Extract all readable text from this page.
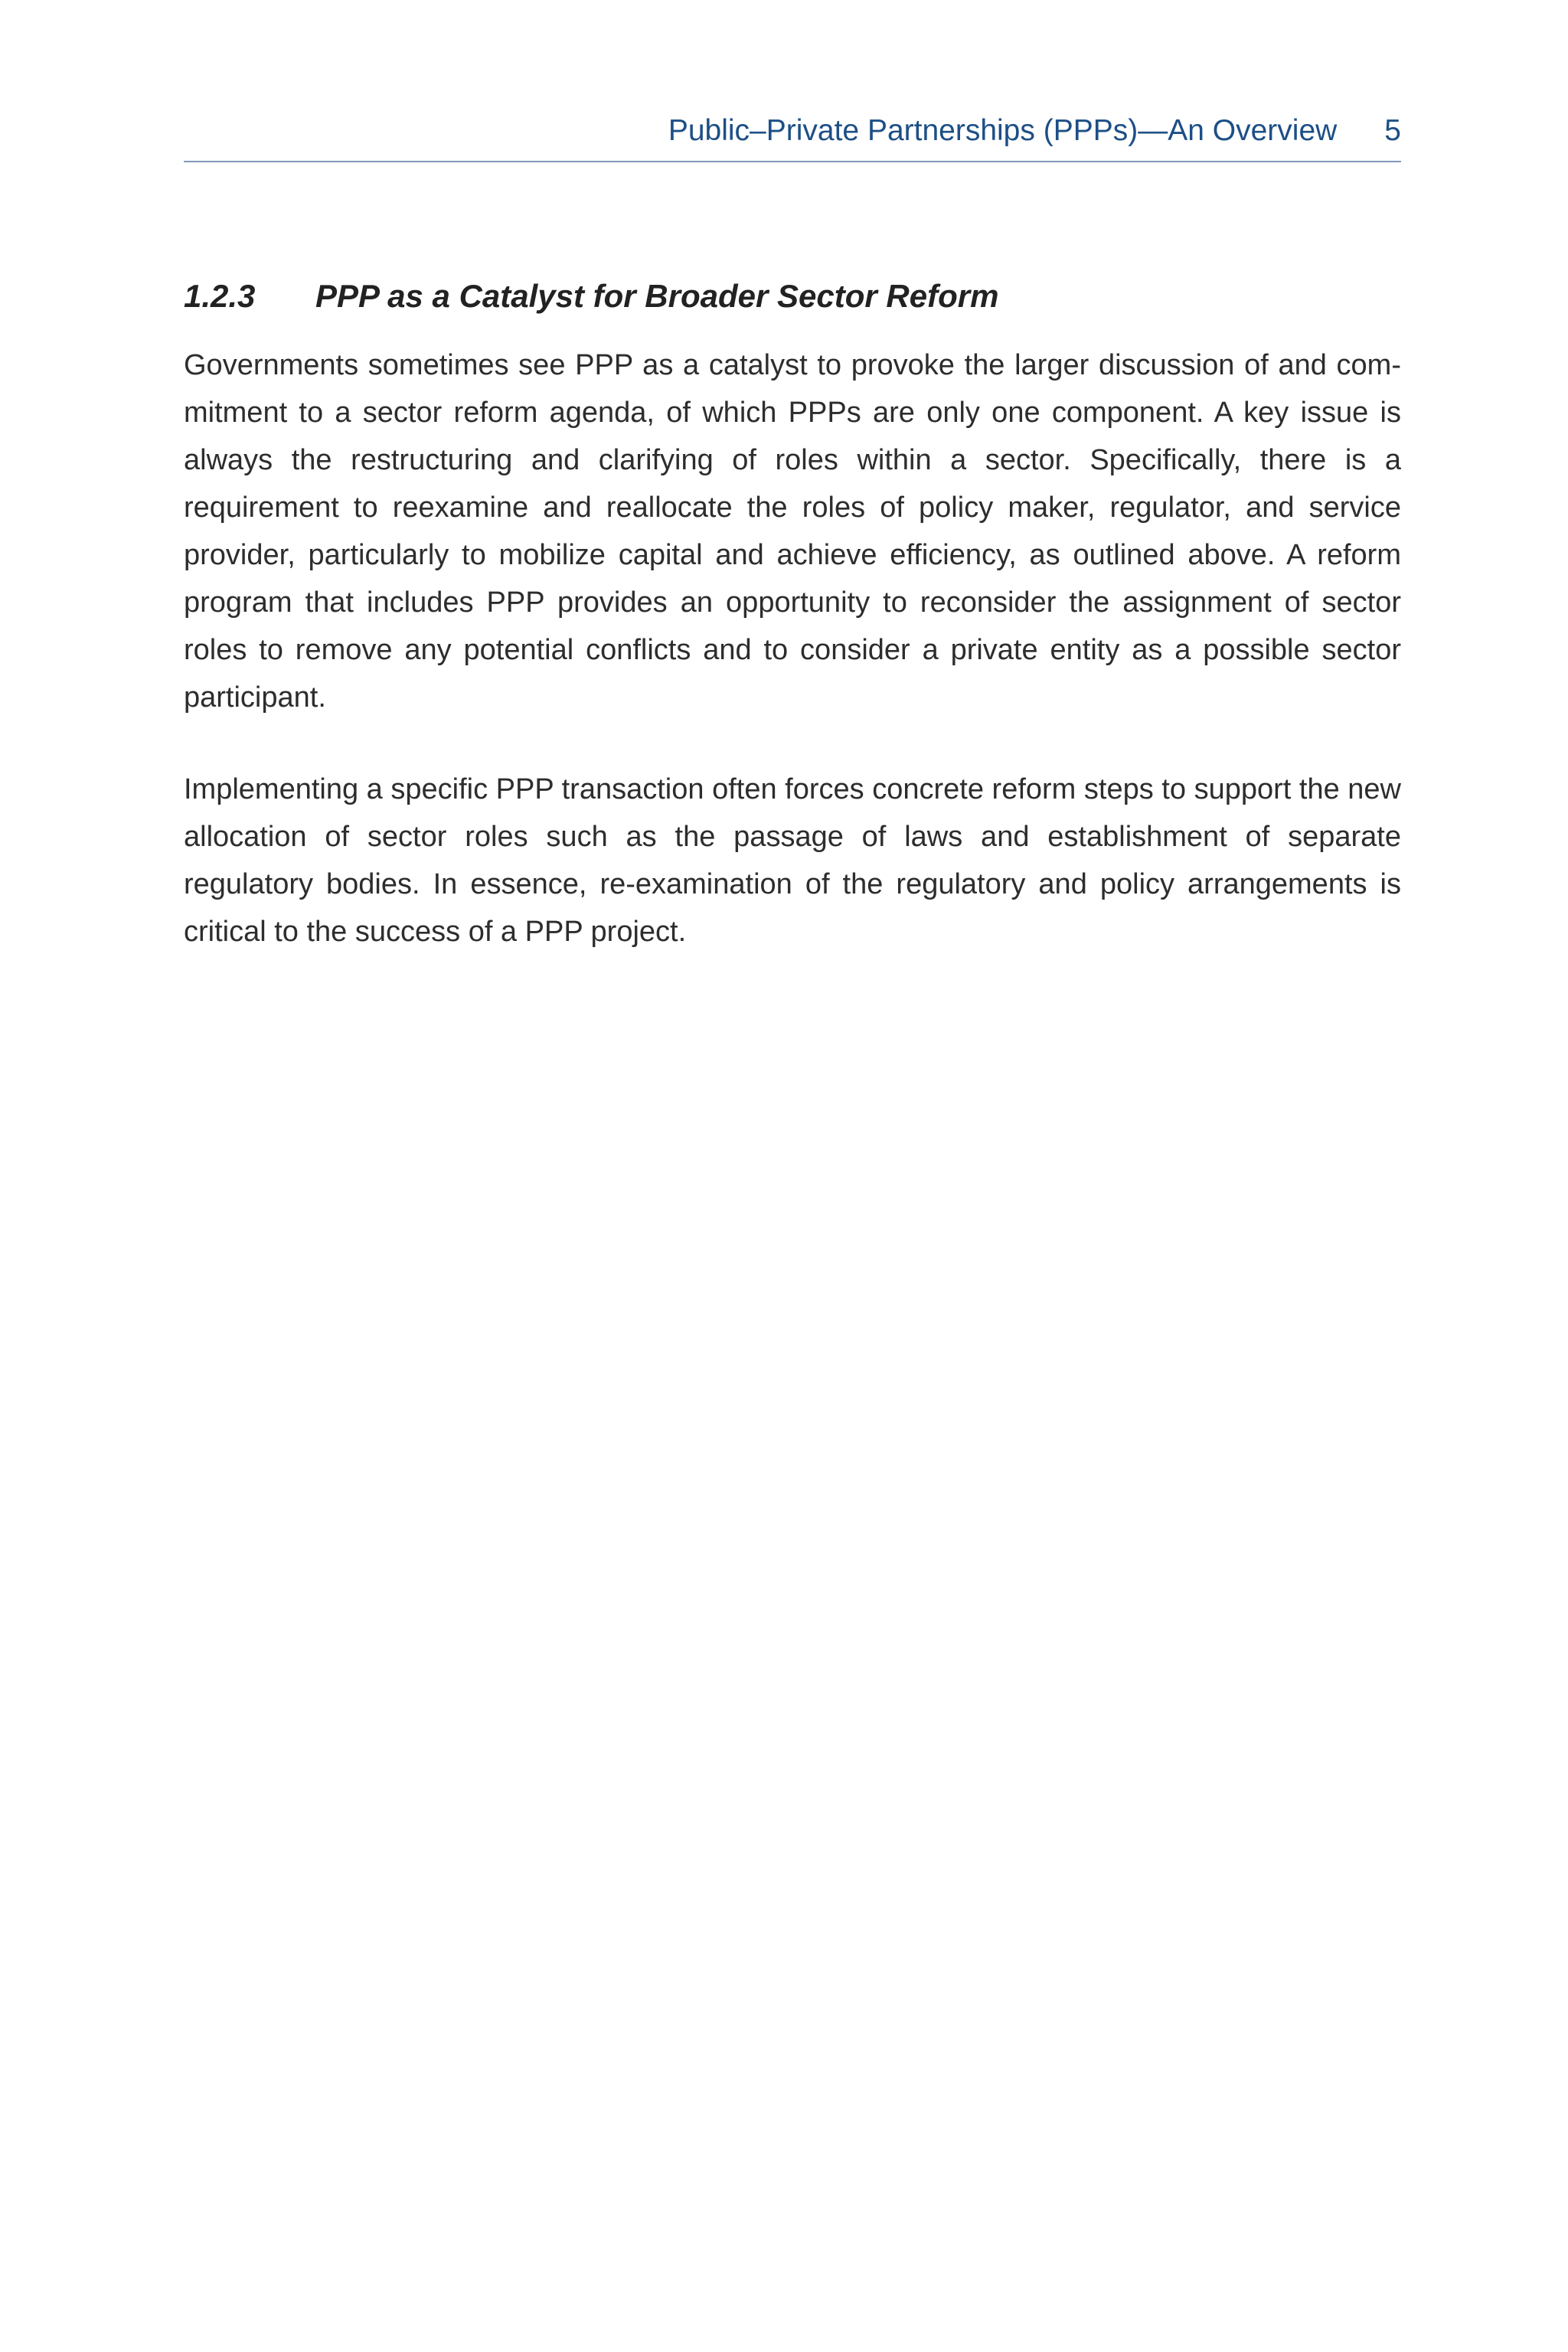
Public–Private Partnerships (PPPs)—An Overview 5
1.2.3	PPP as a Catalyst for Broader Sector Reform

Governments sometimes see PPP as a catalyst to provoke the larger discussion of and commitment to a sector reform agenda, of which PPPs are only one component. A key issue is always the restructuring and clarifying of roles within a sector. Specifically, there is a requirement to reexamine and reallocate the roles of policy maker, regulator, and service provider, particularly to mobilize capital and achieve efficiency, as outlined above. A reform program that includes PPP provides an opportunity to reconsider the assignment of sector roles to remove any potential conflicts and to consider a private entity as a possible sector participant.

Implementing a specific PPP transaction often forces concrete reform steps to support the new allocation of sector roles such as the passage of laws and establishment of separate regulatory bodies. In essence, re-examination of the regulatory and policy arrangements is critical to the success of a PPP project.
